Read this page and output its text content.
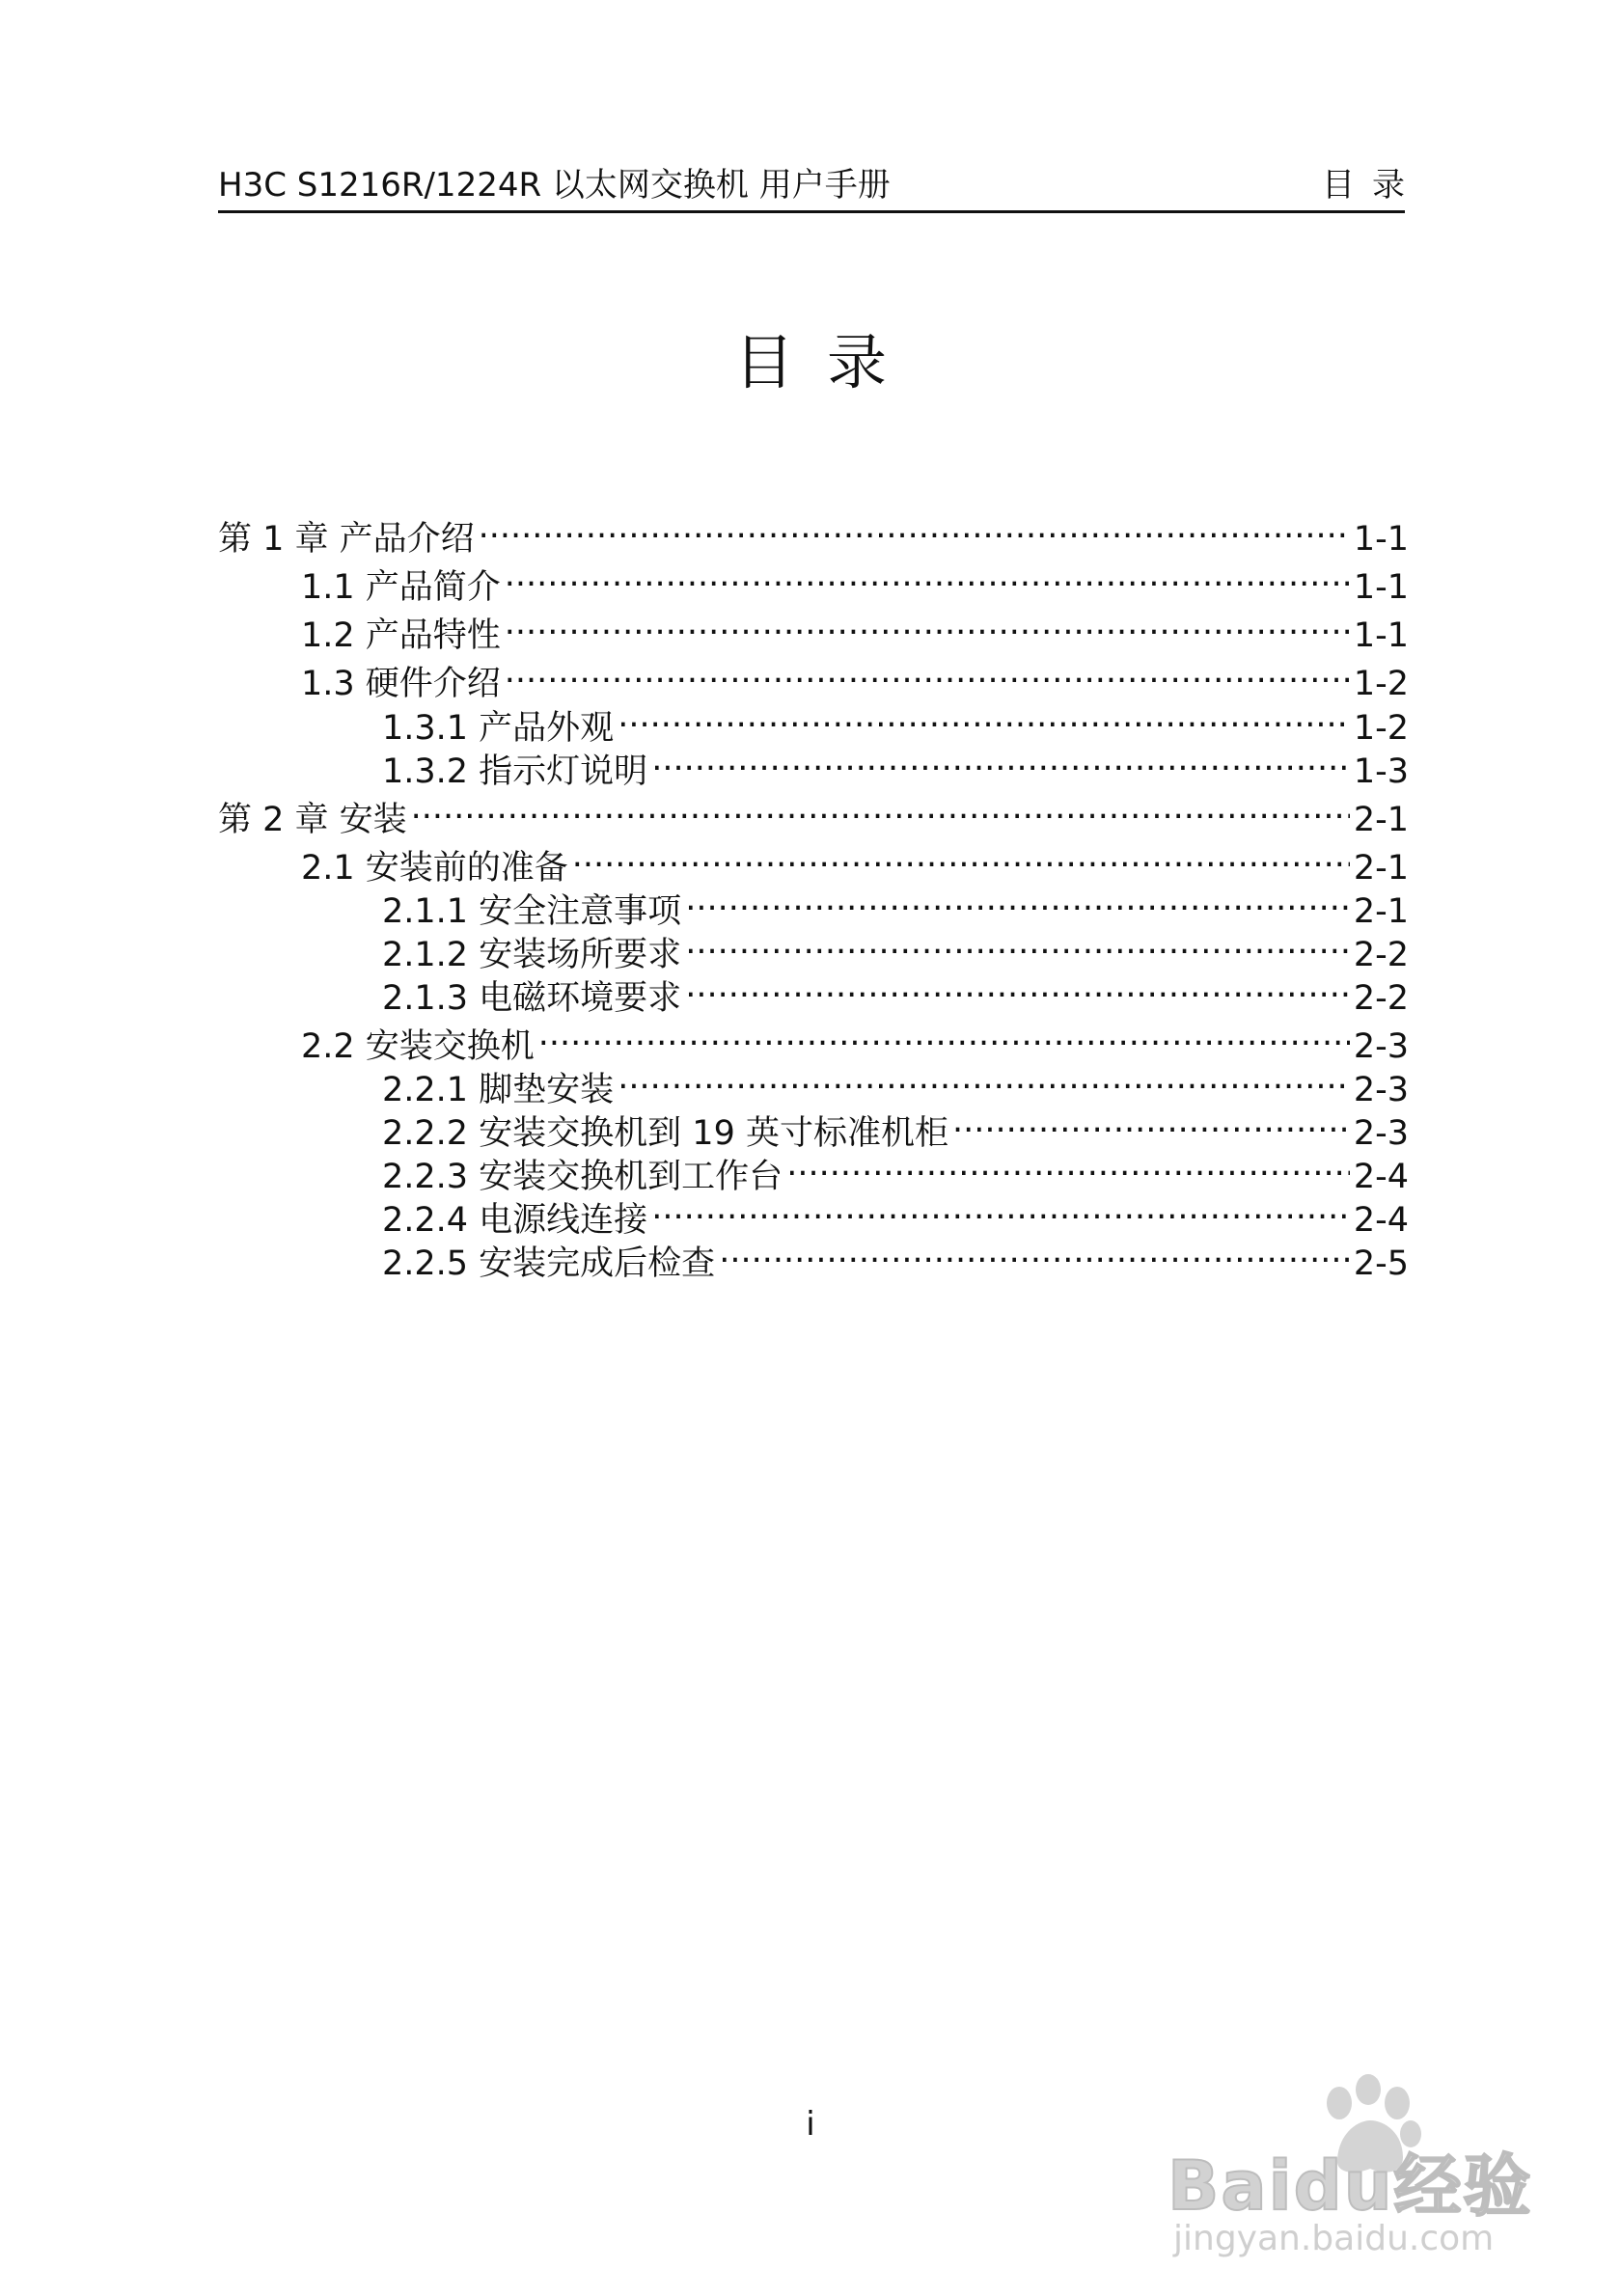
H3C S1216R/1224R 以太网交换机 用户手册	目录
目录
第 1 章 产品介绍 .....	1-1
1.1 产品简介 .....	1-1
1.2 产品特性 .....	1-1
1.3 硬件介绍 .....	1-2
1.3.1 产品外观 .....	1-2
1.3.2 指示灯说明 .....	1-3
第 2 章 安装 .....	2-1
2.1 安装前的准备 .....	2-1
2.1.1 安全注意事项 .....	2-1
2.1.2 安装场所要求 .....	2-2
2.1.3 电磁环境要求 .....	2-2
2.2 安装交换机 .....	2-3
2.2.1 脚垫安装 .....	2-3
2.2.2 安装交换机到 19 英寸标准机柜 .....	2-3
2.2.3 安装交换机到工作台 .....	2-4
2.2.4 电源线连接 .....	2-4
2.2.5 安装完成后检查 .....	2-5
i
Baidu经验
jingyan.baidu.com
